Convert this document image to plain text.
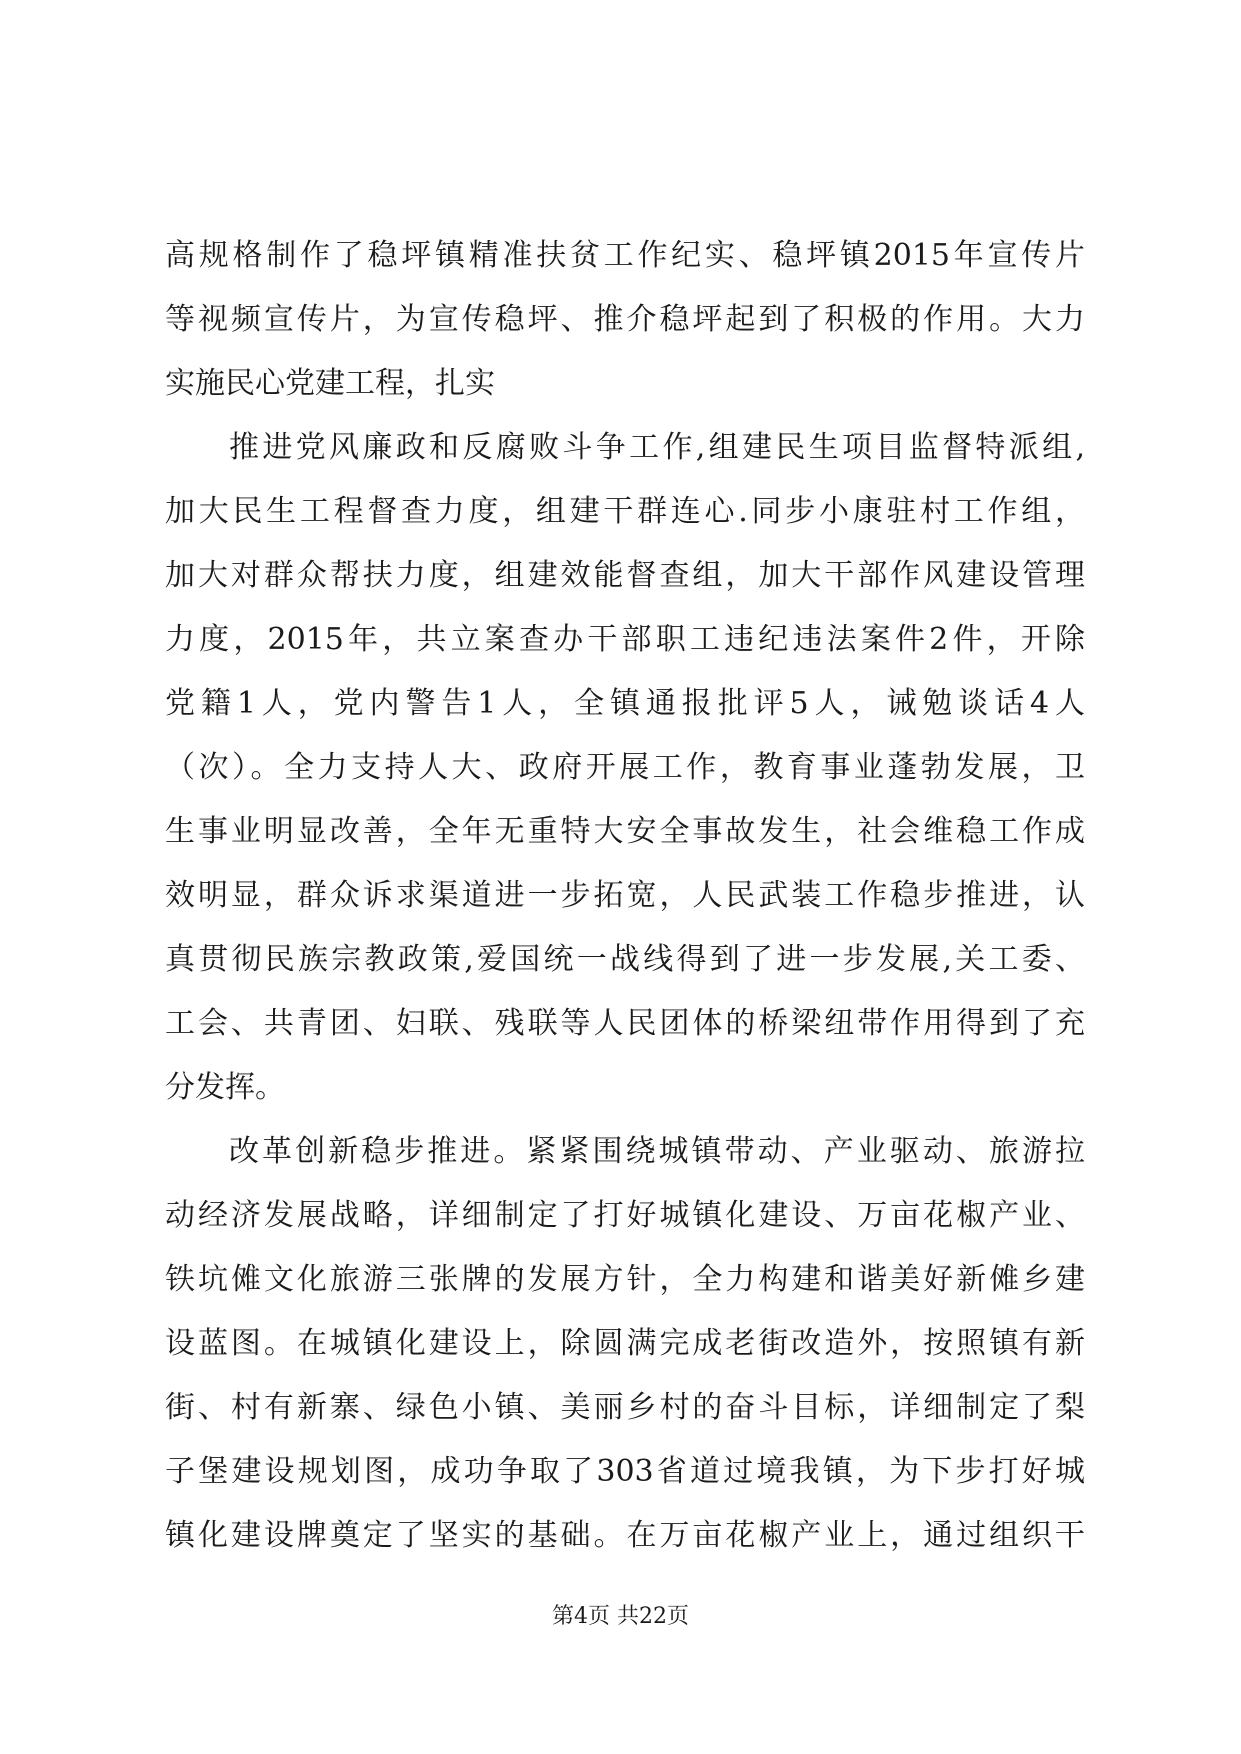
高规格制作了稳坪镇精准扶贫工作纪实、稳坪镇2015年宣传片
等视频宣传片，为宣传稳坪、推介稳坪起到了积极的作用。大力
实施民心党建工程，扎实
推进党风廉政和反腐败斗争工作,组建民生项目监督特派组,
加大民生工程督查力度，组建干群连心.同步小康驻村工作组，
加大对群众帮扶力度，组建效能督查组，加大干部作风建设管理
力度，2015年，共立案查办干部职工违纪违法案件2件，开除
党籍1人，党内警告1人，全镇通报批评5人，诫勉谈话4人
（次）。全力支持人大、政府开展工作，教育事业蓬勃发展，卫
生事业明显改善，全年无重特大安全事故发生，社会维稳工作成
效明显，群众诉求渠道进一步拓宽，人民武装工作稳步推进，认
真贯彻民族宗教政策,爱国统一战线得到了进一步发展,关工委、
工会、共青团、妇联、残联等人民团体的桥梁纽带作用得到了充
分发挥。
改革创新稳步推进。紧紧围绕城镇带动、产业驱动、旅游拉
动经济发展战略，详细制定了打好城镇化建设、万亩花椒产业、
铁坑傩文化旅游三张牌的发展方针，全力构建和谐美好新傩乡建
设蓝图。在城镇化建设上，除圆满完成老街改造外，按照镇有新
街、村有新寨、绿色小镇、美丽乡村的奋斗目标，详细制定了梨
子堡建设规划图，成功争取了303省道过境我镇，为下步打好城
镇化建设牌奠定了坚实的基础。在万亩花椒产业上，通过组织干
第4页 共22页
